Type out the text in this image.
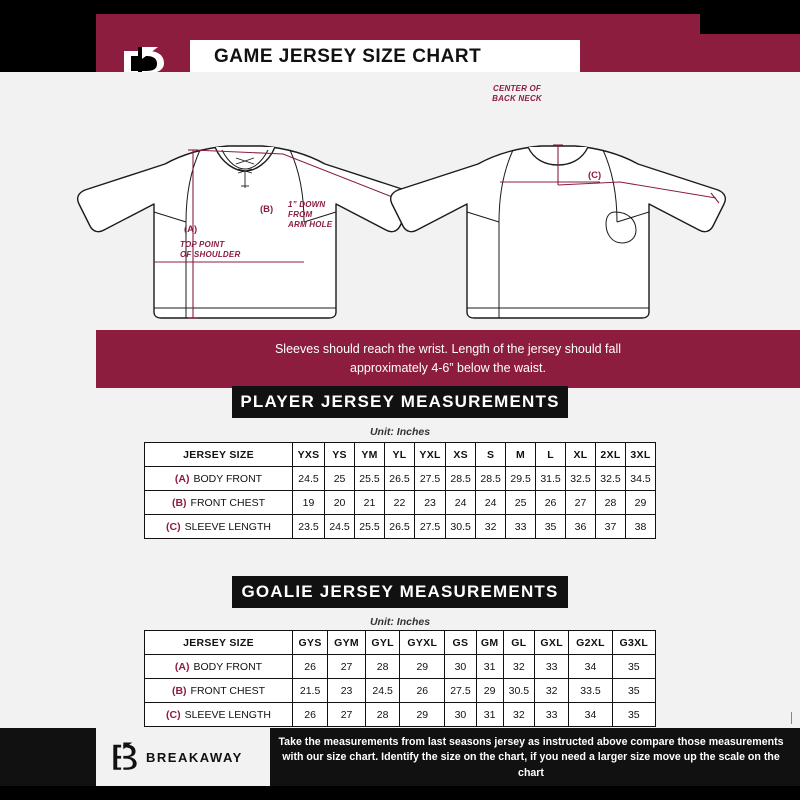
GAME JERSEY SIZE CHART
CENTER OF
BACK NECK
1” DOWN
FROM
ARM HOLE
TOP POINT
OF SHOULDER
(A)
(B)
(C)
Sleeves should reach the wrist. Length of the jersey should fall
approximately 4-6” below the waist.
PLAYER JERSEY MEASUREMENTS
Unit: Inches
JERSEY SIZE	YXS	YS	YM	YL	YXL	XS	S	M	L	XL	2XL	3XL
(A) BODY FRONT	24.5	25	25.5	26.5	27.5	28.5	28.5	29.5	31.5	32.5	32.5	34.5
(B) FRONT CHEST	19	20	21	22	23	24	24	25	26	27	28	29
(C) SLEEVE LENGTH	23.5	24.5	25.5	26.5	27.5	30.5	32	33	35	36	37	38
GOALIE JERSEY MEASUREMENTS
Unit: Inches
JERSEY SIZE	GYS	GYM	GYL	GYXL	GS	GM	GL	GXL	G2XL	G3XL
(A) BODY FRONT	26	27	28	29	30	31	32	33	34	35
(B) FRONT CHEST	21.5	23	24.5	26	27.5	29	30.5	32	33.5	35
(C) SLEEVE LENGTH	26	27	28	29	30	31	32	33	34	35
BREAKAWAY
Take the measurements from last seasons jersey as instructed above compare those measurements with our size chart. Identify the size on the chart, if you need a larger size move up the scale on the chart
